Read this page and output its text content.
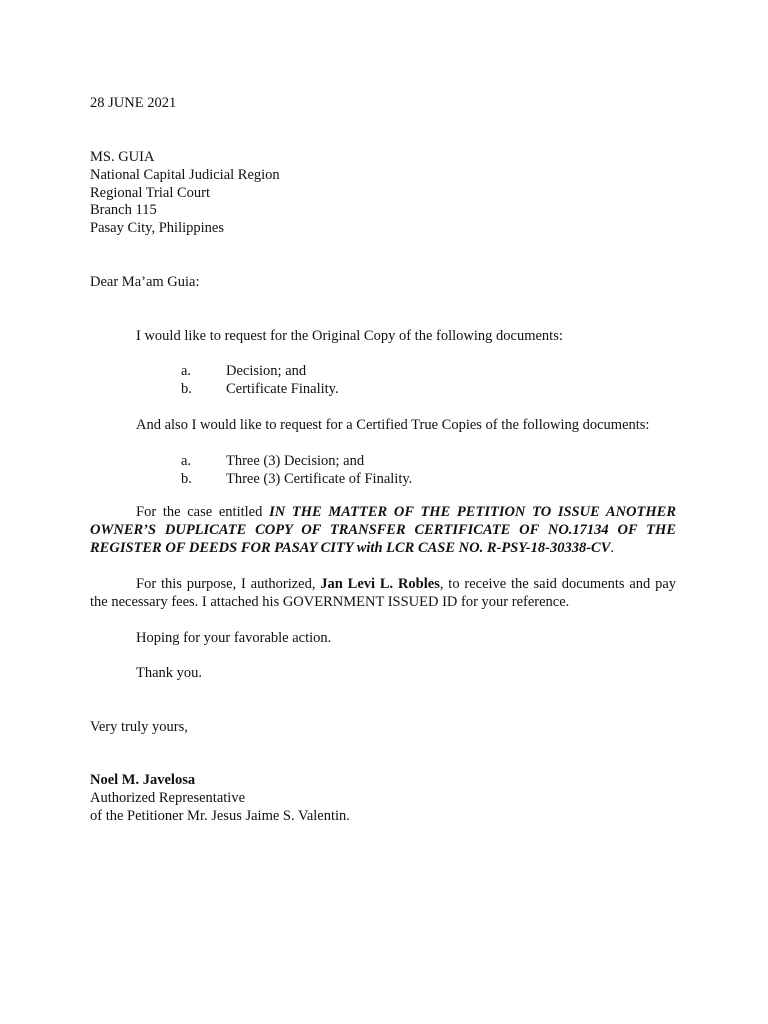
28 JUNE 2021
MS. GUIA
National Capital Judicial Region
Regional Trial Court
Branch 115
Pasay City, Philippines
Dear Ma’am Guia:
I would like to request for the Original Copy of the following documents:
a. Decision; and
b. Certificate Finality.
And also I would like to request for a Certified True Copies of the following documents:
a. Three (3) Decision; and
b. Three (3) Certificate of Finality.
For the case entitled IN THE MATTER OF THE PETITION TO ISSUE ANOTHER OWNER’S DUPLICATE COPY OF TRANSFER CERTIFICATE OF NO.17134 OF THE REGISTER OF DEEDS FOR PASAY CITY with LCR CASE NO. R-PSY-18-30338-CV.
For this purpose, I authorized, Jan Levi L. Robles, to receive the said documents and pay the necessary fees. I attached his GOVERNMENT ISSUED ID for your reference.
Hoping for your favorable action.
Thank you.
Very truly yours,
Noel M. Javelosa
Authorized Representative
of the Petitioner Mr. Jesus Jaime S. Valentin.
